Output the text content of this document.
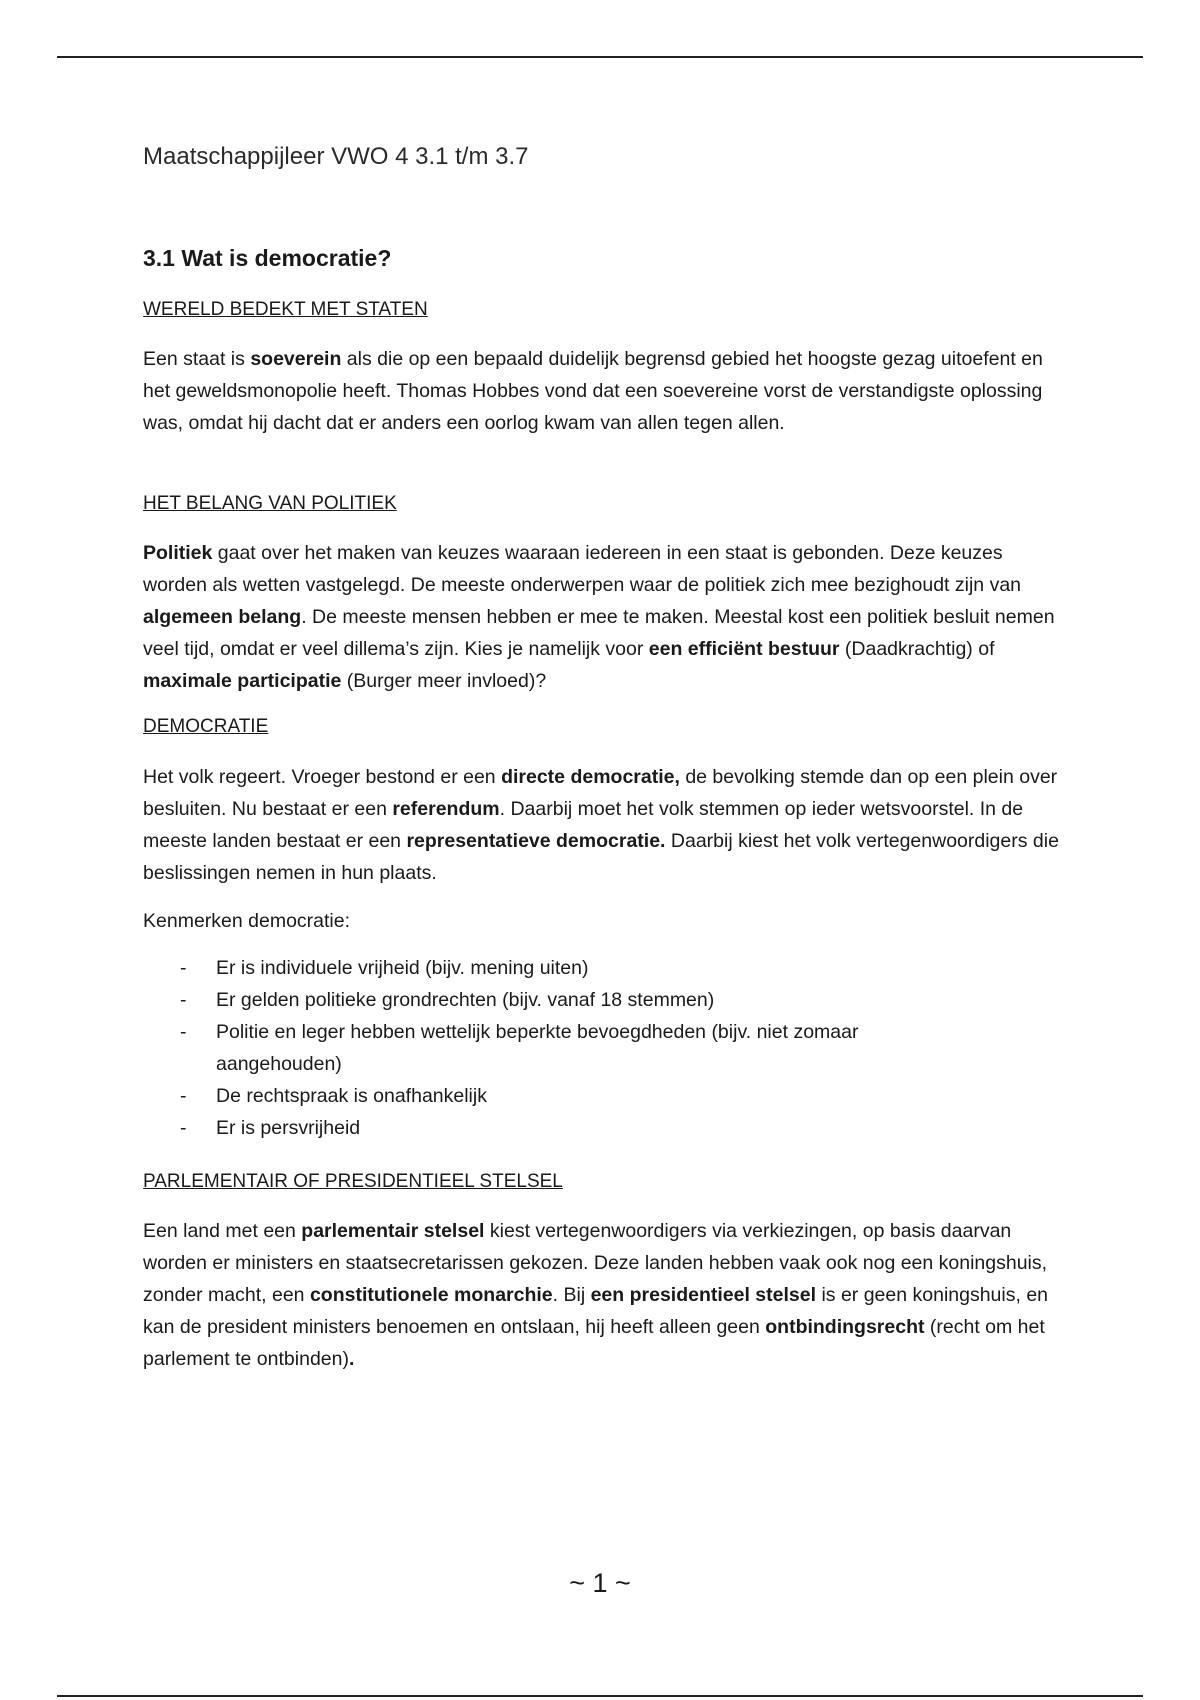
Maatschappijleer VWO 4 3.1 t/m 3.7
3.1 Wat is democratie?

WERELD BEDEKT MET STATEN

Een staat is soeverein als die op een bepaald duidelijk begrensd gebied het hoogste gezag uitoefent en het geweldsmonopolie heeft. Thomas Hobbes vond dat een soevereine vorst de verstandigste oplossing was, omdat hij dacht dat er anders een oorlog kwam van allen tegen allen.

HET BELANG VAN POLITIEK

Politiek gaat over het maken van keuzes waaraan iedereen in een staat is gebonden. Deze keuzes worden als wetten vastgelegd. De meeste onderwerpen waar de politiek zich mee bezighoudt zijn van algemeen belang. De meeste mensen hebben er mee te maken. Meestal kost een politiek besluit nemen veel tijd, omdat er veel dillema’s zijn. Kies je namelijk voor een efficiënt bestuur (Daadkrachtig) of maximale participatie (Burger meer invloed)?

DEMOCRATIE

Het volk regeert. Vroeger bestond er een directe democratie, de bevolking stemde dan op een plein over besluiten. Nu bestaat er een referendum. Daarbij moet het volk stemmen op ieder wetsvoorstel. In de meeste landen bestaat er een representatieve democratie. Daarbij kiest het volk vertegenwoordigers die beslissingen nemen in hun plaats.

Kenmerken democratie:

- Er is individuele vrijheid (bijv. mening uiten)
- Er gelden politieke grondrechten (bijv. vanaf 18 stemmen)
- Politie en leger hebben wettelijk beperkte bevoegdheden (bijv. niet zomaar aangehouden)
- De rechtspraak is onafhankelijk
- Er is persvrijheid

PARLEMENTAIR OF PRESIDENTIEEL STELSEL

Een land met een parlementair stelsel kiest vertegenwoordigers via verkiezingen, op basis daarvan worden er ministers en staatsecretarissen gekozen. Deze landen hebben vaak ook nog een koningshuis, zonder macht, een constitutionele monarchie. Bij een presidentieel stelsel is er geen koningshuis, en kan de president ministers benoemen en ontslaan, hij heeft alleen geen ontbindingsrecht (recht om het parlement te ontbinden).

~ 1 ~
